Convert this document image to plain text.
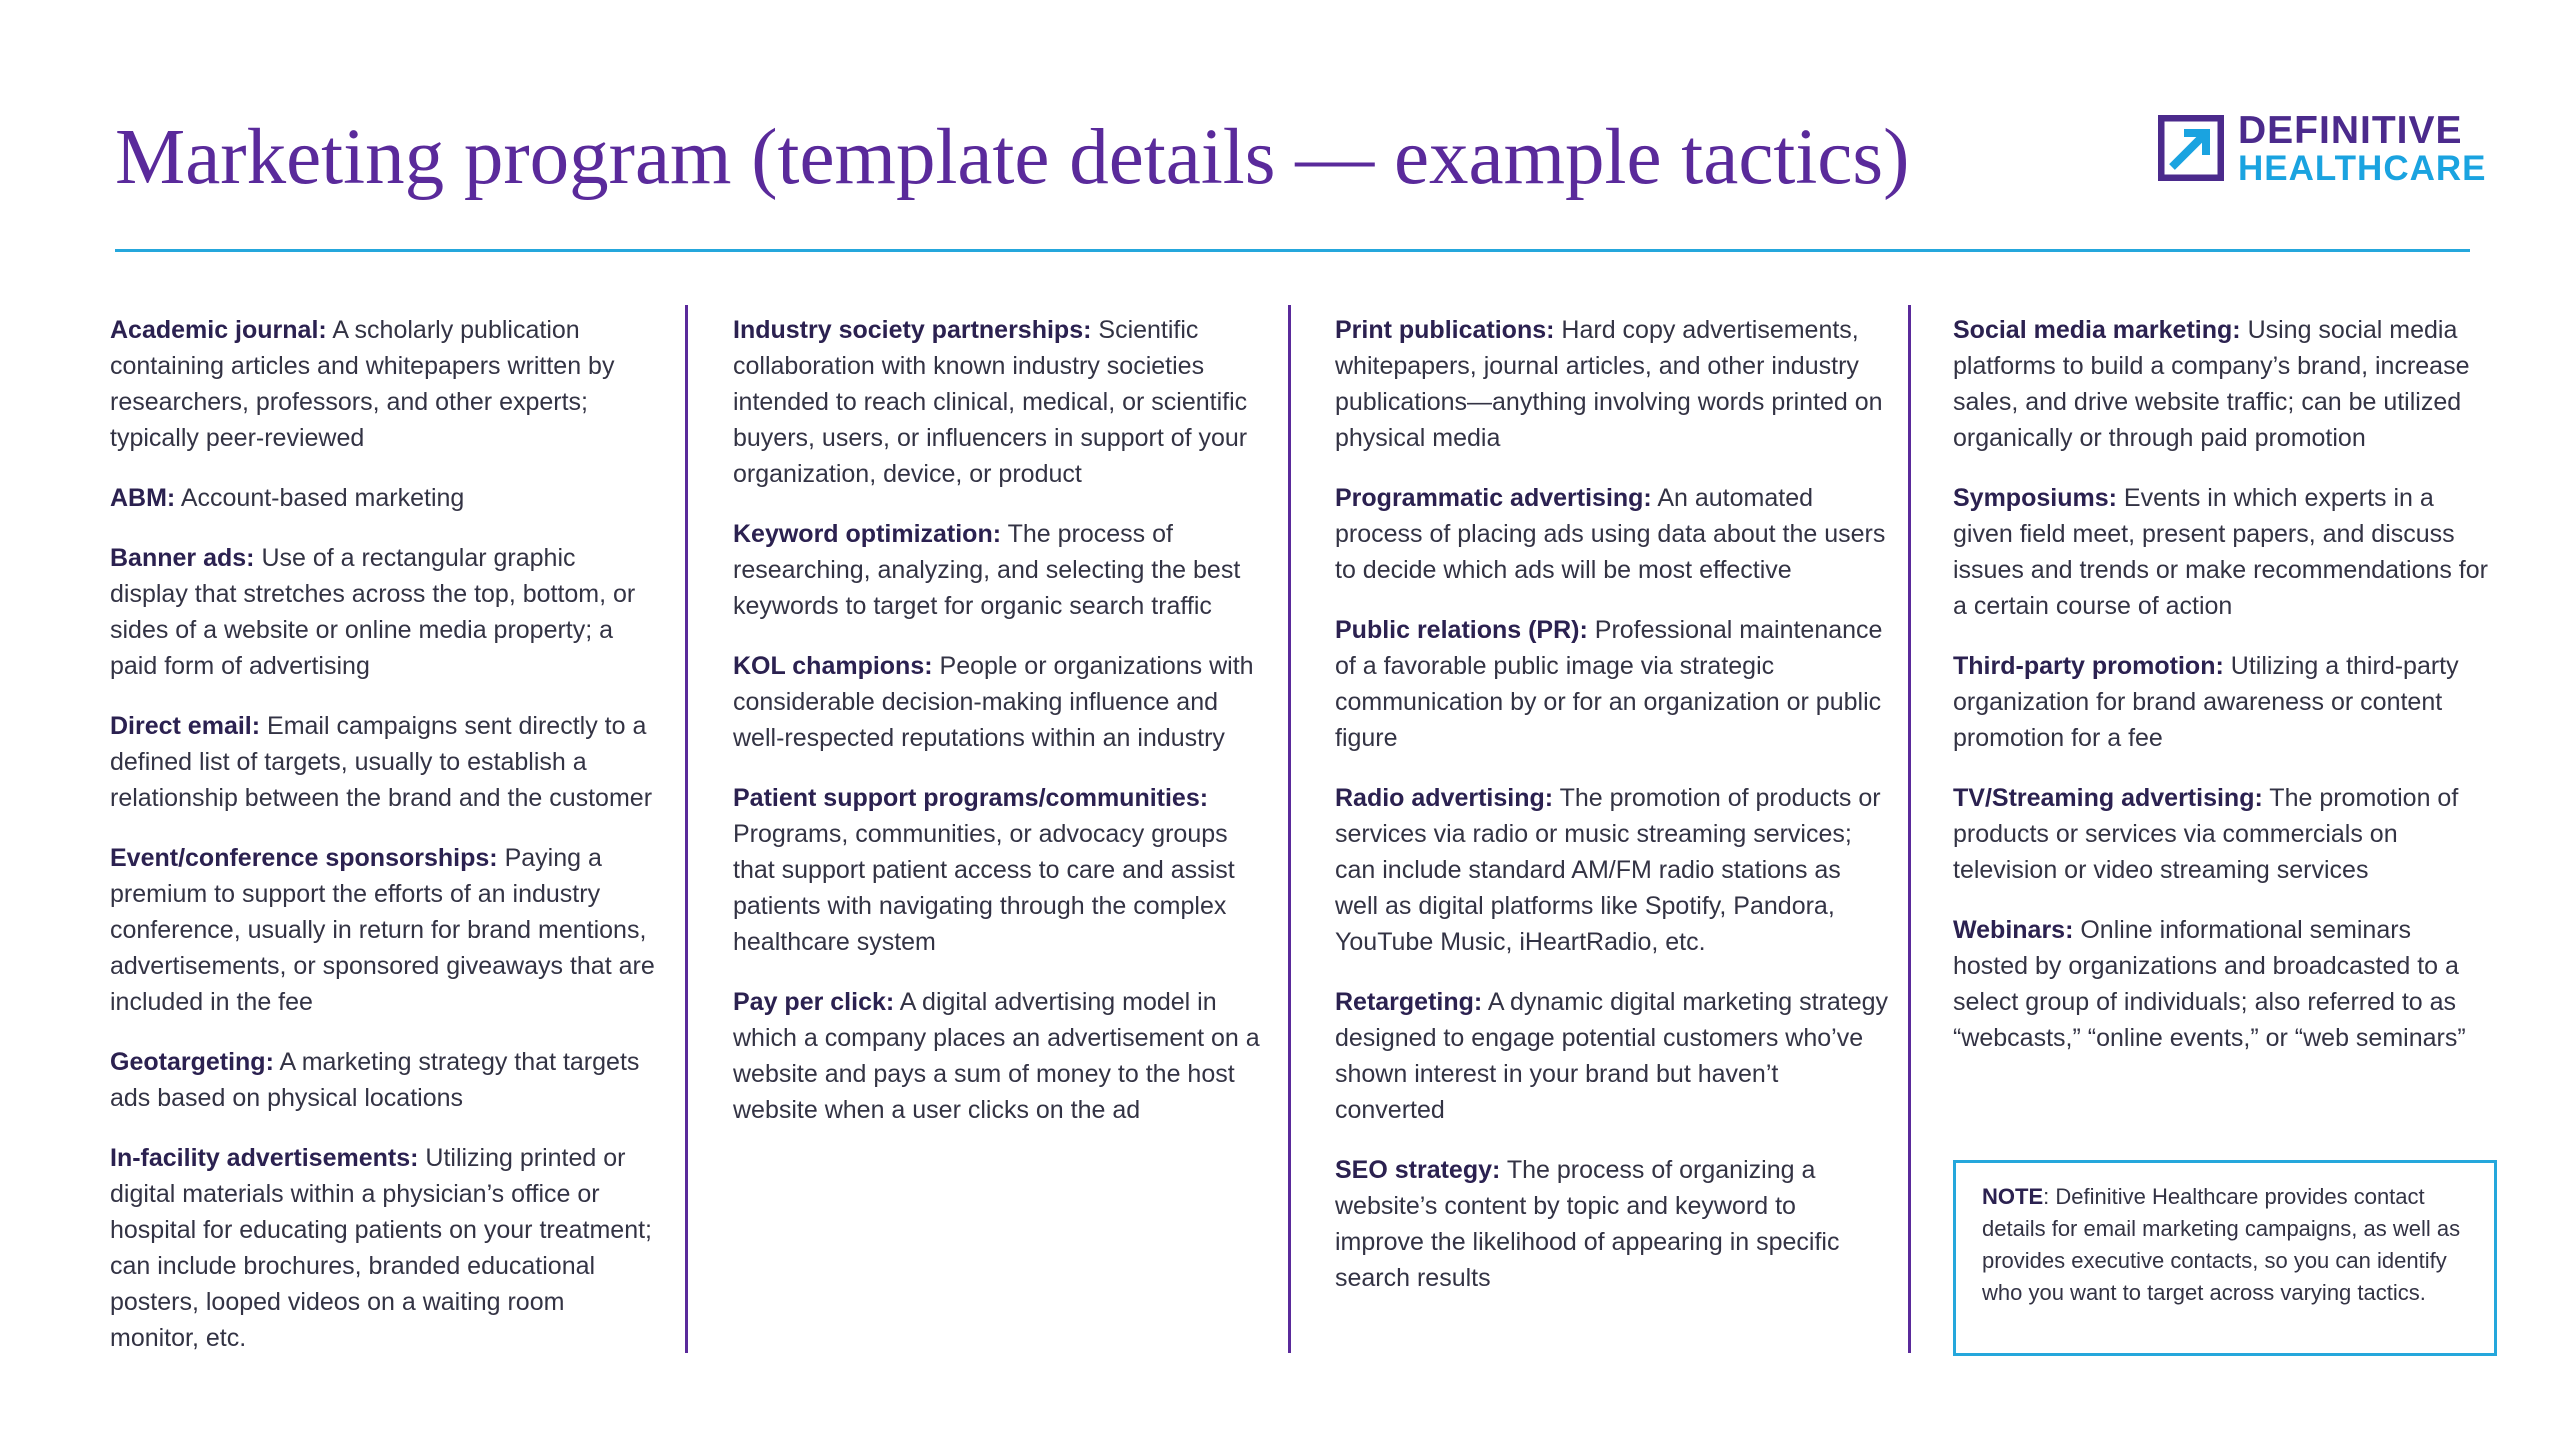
Marketing program (template details — example tactics)	DEFINITIVE
HEALTHCARE

Academic journal: A scholarly publication containing articles and whitepapers written by researchers, professors, and other experts; typically peer-reviewed

ABM: Account-based marketing

Banner ads: Use of a rectangular graphic display that stretches across the top, bottom, or sides of a website or online media property; a paid form of advertising

Direct email: Email campaigns sent directly to a defined list of targets, usually to establish a relationship between the brand and the customer

Event/conference sponsorships: Paying a premium to support the efforts of an industry conference, usually in return for brand mentions, advertisements, or sponsored giveaways that are included in the fee

Geotargeting: A marketing strategy that targets ads based on physical locations

In-facility advertisements: Utilizing printed or digital materials within a physician’s office or hospital for educating patients on your treatment; can include brochures, branded educational posters, looped videos on a waiting room monitor, etc.

Industry society partnerships: Scientific collaboration with known industry societies intended to reach clinical, medical, or scientific buyers, users, or influencers in support of your organization, device, or product

Keyword optimization: The process of researching, analyzing, and selecting the best keywords to target for organic search traffic

KOL champions: People or organizations with considerable decision-making influence and well-respected reputations within an industry

Patient support programs/communities: Programs, communities, or advocacy groups that support patient access to care and assist patients with navigating through the complex healthcare system

Pay per click: A digital advertising model in which a company places an advertisement on a website and pays a sum of money to the host website when a user clicks on the ad

Print publications: Hard copy advertisements, whitepapers, journal articles, and other industry publications—anything involving words printed on physical media

Programmatic advertising: An automated process of placing ads using data about the users to decide which ads will be most effective

Public relations (PR): Professional maintenance of a favorable public image via strategic communication by or for an organization or public figure

Radio advertising: The promotion of products or services via radio or music streaming services; can include standard AM/FM radio stations as well as digital platforms like Spotify, Pandora, YouTube Music, iHeartRadio, etc.

Retargeting: A dynamic digital marketing strategy designed to engage potential customers who’ve shown interest in your brand but haven’t converted

SEO strategy: The process of organizing a website’s content by topic and keyword to improve the likelihood of appearing in specific search results

Social media marketing: Using social media platforms to build a company’s brand, increase sales, and drive website traffic; can be utilized organically or through paid promotion

Symposiums: Events in which experts in a given field meet, present papers, and discuss issues and trends or make recommendations for a certain course of action

Third-party promotion: Utilizing a third-party organization for brand awareness or content promotion for a fee

TV/Streaming advertising: The promotion of products or services via commercials on television or video streaming services

Webinars: Online informational seminars hosted by organizations and broadcasted to a select group of individuals; also referred to as “webcasts,” “online events,” or “web seminars”

NOTE: Definitive Healthcare provides contact details for email marketing campaigns, as well as provides executive contacts, so you can identify who you want to target across varying tactics.
